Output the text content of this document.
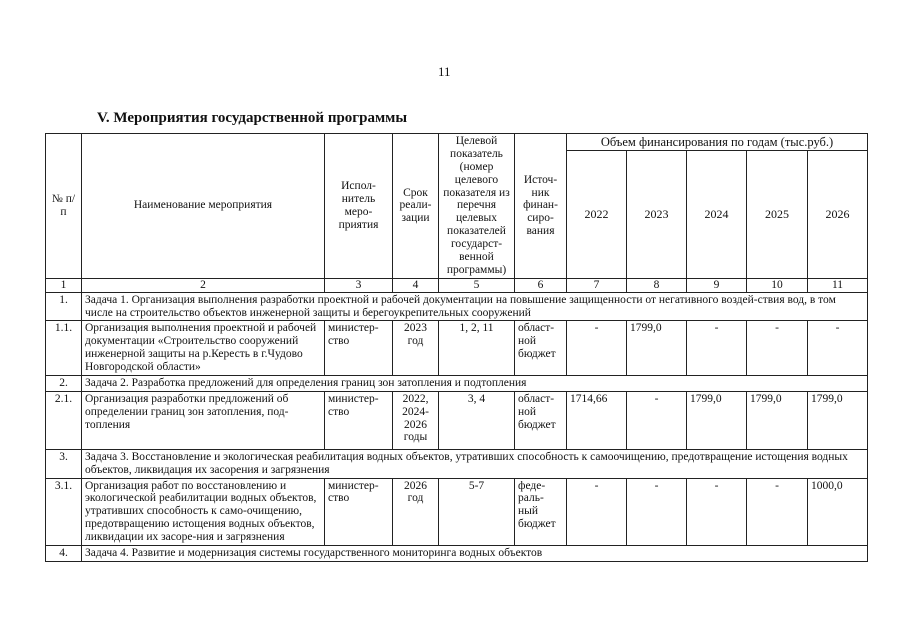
11
V. Мероприятия государственной программы
№ п/п	Наименование мероприятия	Испол-нитель меро-приятия	Срок реали-зации	Целевой показатель (номер целевого показателя из перечня целевых показателей государст-венной программы)	Источ-ник финан-сиро-вания	Объем финансирования по годам (тыс.руб.)				
						2022	2023	2024	2025	2026
1	2	3	4	5	6	7	8	9	10	11
1.	Задача 1. Организация выполнения разработки проектной и рабочей документации на повышение защищенности от негативного воздей-ствия вод, в том числе на строительство объектов инженерной защиты и берегоукрепительных сооружений									
1.1.	Организация выполнения проектной и рабочей документации «Строительство сооружений инженерной защиты на р.Кересть в г.Чудово Новгородской области»	министер-ство	2023 год	1, 2, 11	област-ной бюджет	-	1799,0	-	-	-
2.	Задача 2. Разработка предложений для определения границ зон затопления и подтопления									
2.1.	Организация разработки предложений об определении границ зон затопления, под-топления	министер-ство	2022, 2024-2026 годы	3, 4	област-ной бюджет	1714,66	-	1799,0	1799,0	1799,0
3.	Задача 3. Восстановление и экологическая реабилитация водных объектов, утративших способность к самоочищению, предотвращение истощения водных объектов, ликвидация их засорения и загрязнения									
3.1.	Организация работ по восстановлению и экологической реабилитации водных объектов, утративших способность к само-очищению, предотвращению истощения водных объектов, ликвидации их засоре-ния и загрязнения	министер-ство	2026 год	5-7	феде-раль-ный бюджет	-	-	-	-	1000,0
4.	Задача 4. Развитие и модернизация системы государственного мониторинга водных объектов									
